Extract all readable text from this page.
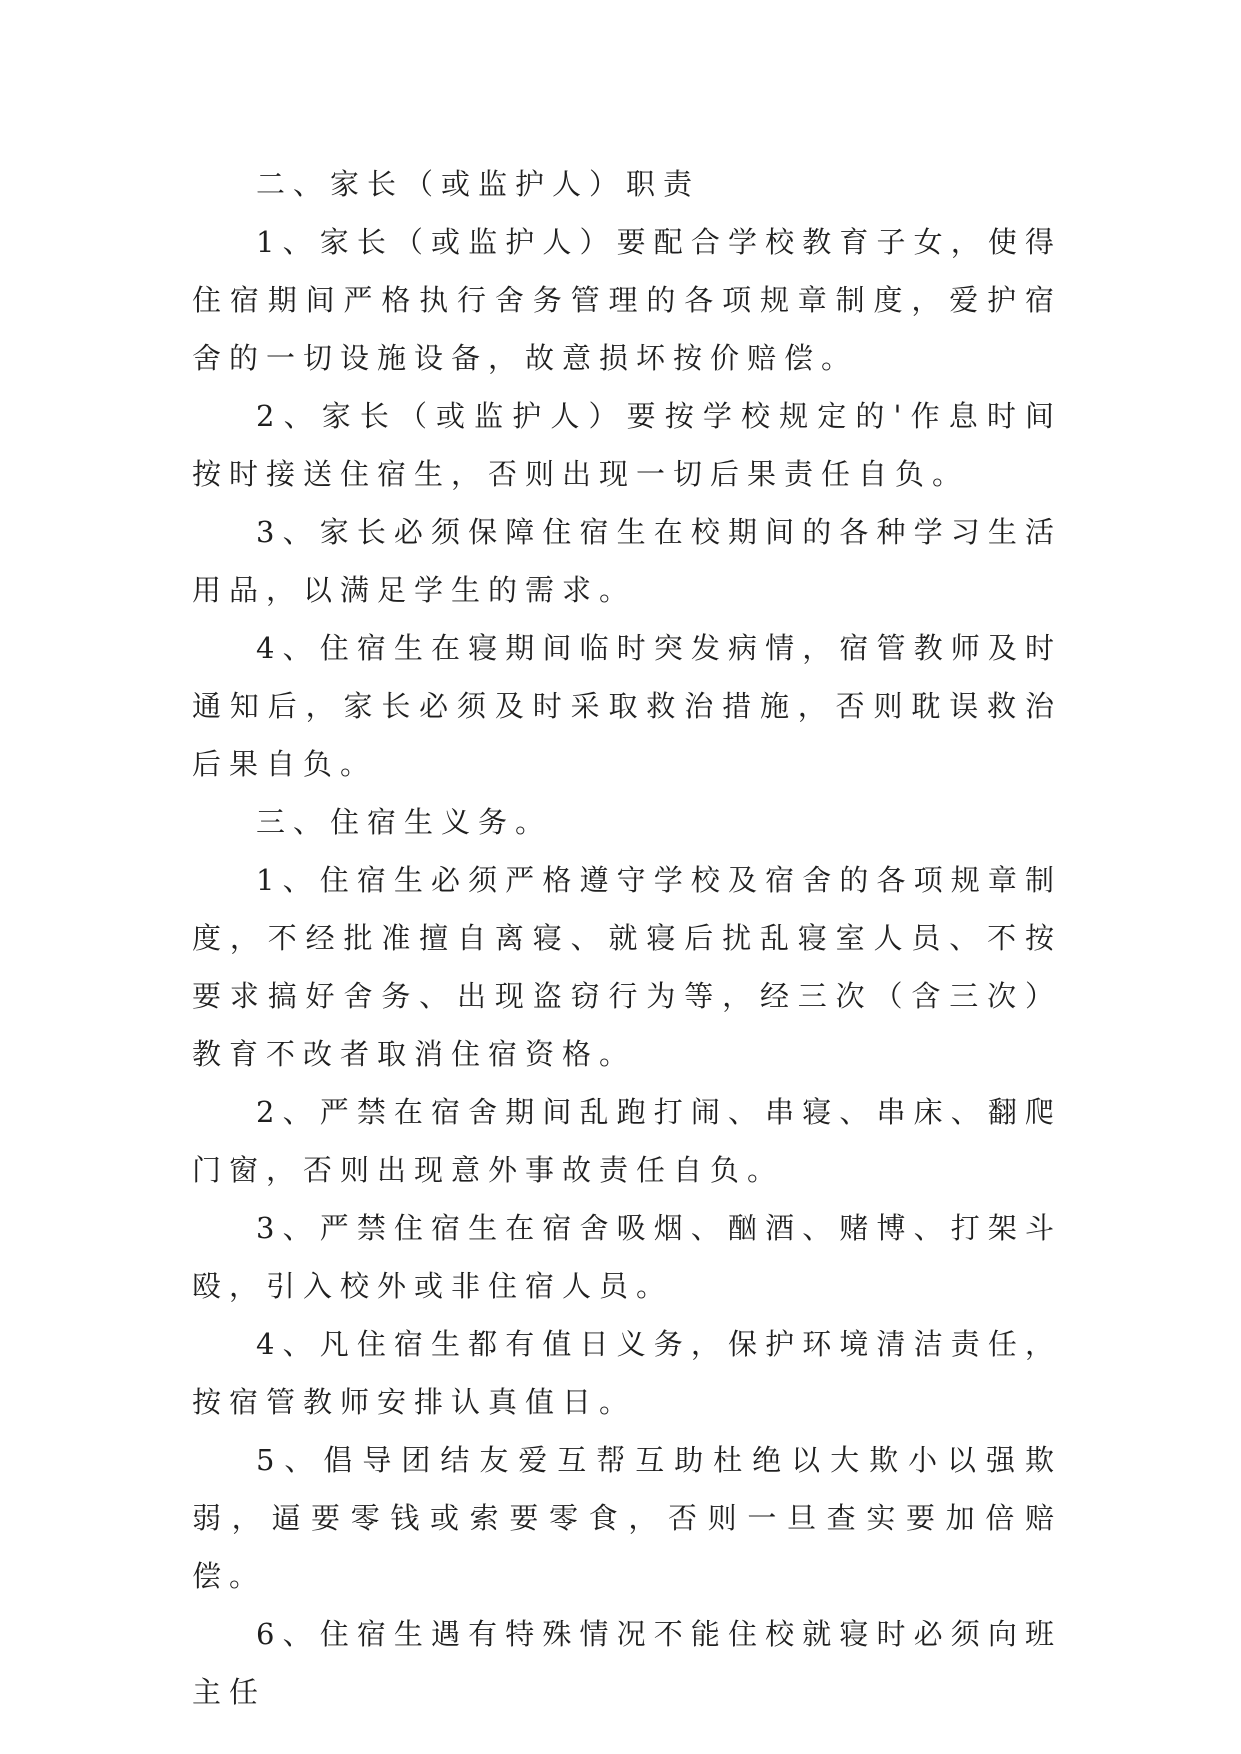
二、家长（或监护人）职责

1、家长（或监护人）要配合学校教育子女，使得住宿期间严格执行舍务管理的各项规章制度，爱护宿舍的一切设施设备，故意损坏按价赔偿。

2、家长（或监护人）要按学校规定的'作息时间按时接送住宿生，否则出现一切后果责任自负。

3、家长必须保障住宿生在校期间的各种学习生活用品，以满足学生的需求。

4、住宿生在寝期间临时突发病情，宿管教师及时通知后，家长必须及时采取救治措施，否则耽误救治后果自负。

三、住宿生义务。

1、住宿生必须严格遵守学校及宿舍的各项规章制度，不经批准擅自离寝、就寝后扰乱寝室人员、不按要求搞好舍务、出现盗窃行为等，经三次（含三次）教育不改者取消住宿资格。

2、严禁在宿舍期间乱跑打闹、串寝、串床、翻爬门窗，否则出现意外事故责任自负。

3、严禁住宿生在宿舍吸烟、酗酒、赌博、打架斗殴，引入校外或非住宿人员。

4、凡住宿生都有值日义务，保护环境清洁责任，按宿管教师安排认真值日。

5、倡导团结友爱互帮互助杜绝以大欺小以强欺弱，逼要零钱或索要零食，否则一旦查实要加倍赔偿。

6、住宿生遇有特殊情况不能住校就寝时必须向班主任
